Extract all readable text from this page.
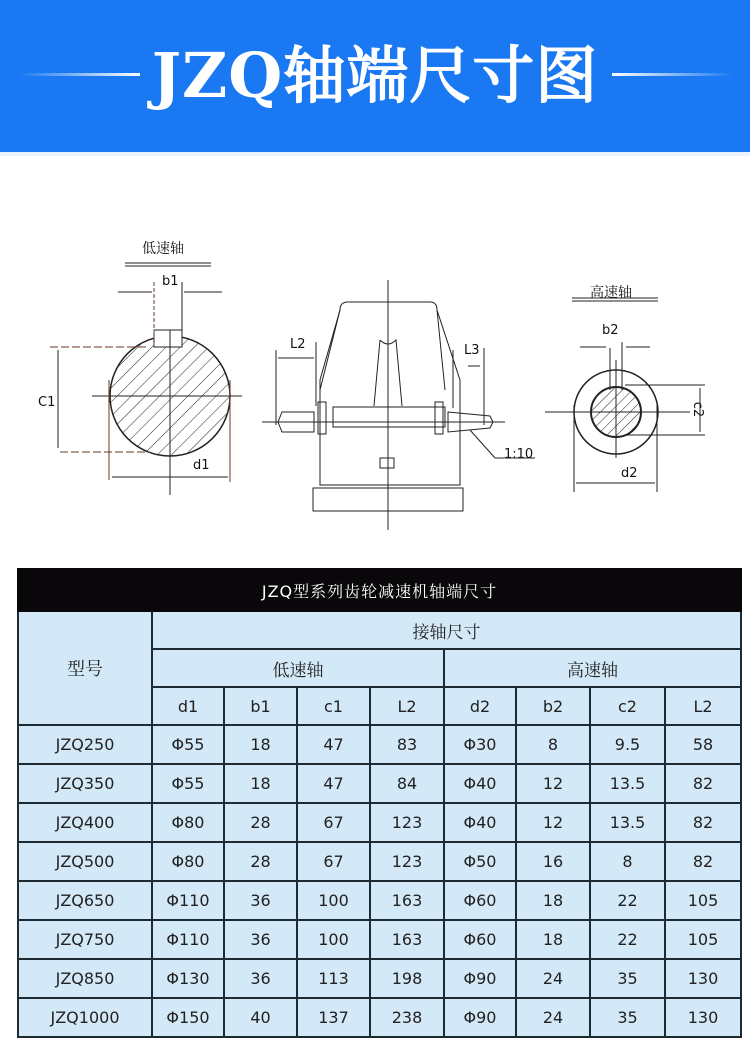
JZQ轴端尺寸图
低速轴
b1
C1
d1
L2	L3
1:10
高速轴
b2
c2
d2
JZQ型系列齿轮减速机轴端尺寸								
型号	接轴尺寸							
	低速轴				高速轴			
	d1	b1	c1	L2	d2	b2	c2	L2
JZQ250	Φ55	18	47	83	Φ30	8	9.5	58
JZQ350	Φ55	18	47	84	Φ40	12	13.5	82
JZQ400	Φ80	28	67	123	Φ40	12	13.5	82
JZQ500	Φ80	28	67	123	Φ50	16	8	82
JZQ650	Φ110	36	100	163	Φ60	18	22	105
JZQ750	Φ110	36	100	163	Φ60	18	22	105
JZQ850	Φ130	36	113	198	Φ90	24	35	130
JZQ1000	Φ150	40	137	238	Φ90	24	35	130
